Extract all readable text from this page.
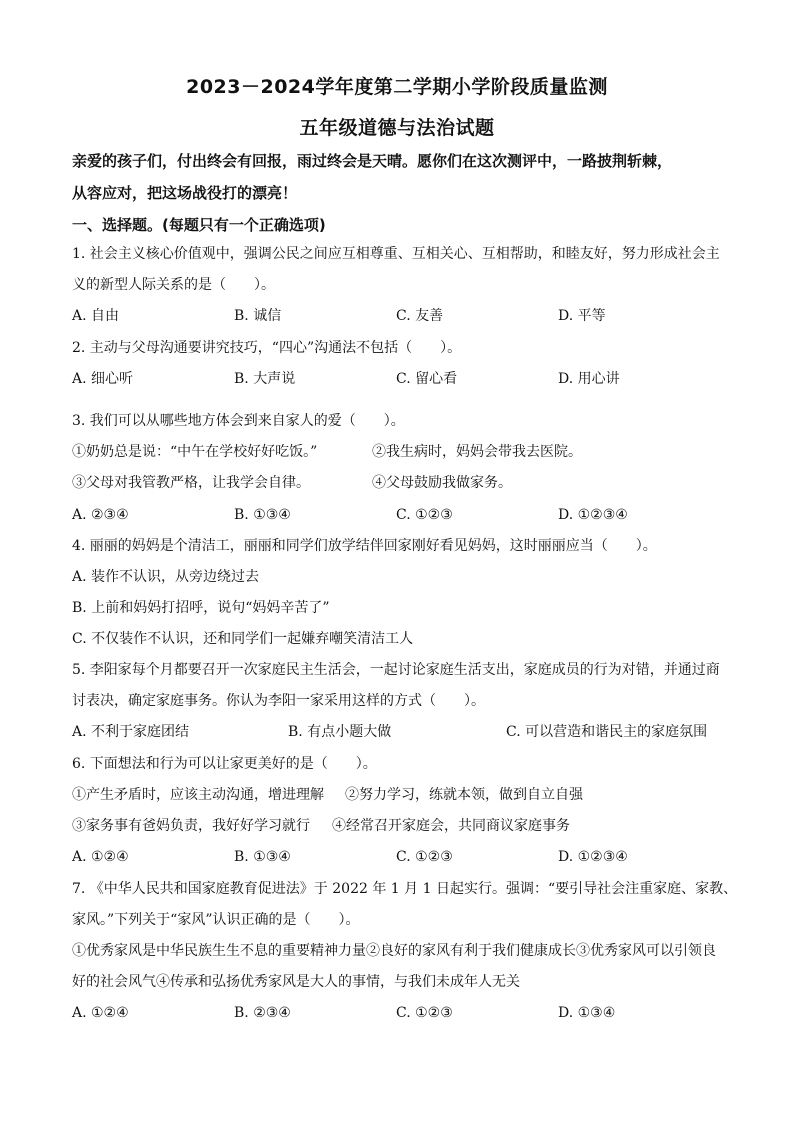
2023－2024学年度第二学期小学阶段质量监测
五年级道德与法治试题
亲爱的孩子们，付出终会有回报，雨过终会是天晴。愿你们在这次测评中，一路披荆斩棘，
从容应对，把这场战役打的漂亮！
一、选择题。(每题只有一个正确选项)
1. 社会主义核心价值观中，强调公民之间应互相尊重、互相关心、互相帮助，和睦友好，努力形成社会主
义的新型人际关系的是（　　）。
A. 自由	B. 诚信	C. 友善	D. 平等
2. 主动与父母沟通要讲究技巧，“四心”沟通法不包括（　　）。
A. 细心听	B. 大声说	C. 留心看	D. 用心讲
3. 我们可以从哪些地方体会到来自家人的爱（　　）。
①奶奶总是说：“中午在学校好好吃饭。”	②我生病时，妈妈会带我去医院。
③父母对我管教严格，让我学会自律。	④父母鼓励我做家务。
A. ②③④	B. ①③④	C. ①②③	D. ①②③④
4. 丽丽的妈妈是个清洁工，丽丽和同学们放学结伴回家刚好看见妈妈，这时丽丽应当（　　）。
A. 装作不认识，从旁边绕过去
B. 上前和妈妈打招呼，说句“妈妈辛苦了”
C. 不仅装作不认识，还和同学们一起嫌弃嘲笑清洁工人
5. 李阳家每个月都要召开一次家庭民主生活会，一起讨论家庭生活支出，家庭成员的行为对错，并通过商
讨表决，确定家庭事务。你认为李阳一家采用这样的方式（　　）。
A. 不利于家庭团结	B. 有点小题大做	C. 可以营造和谐民主的家庭氛围
6. 下面想法和行为可以让家更美好的是（　　）。
①产生矛盾时，应该主动沟通，增进理解 ②努力学习，练就本领，做到自立自强
③家务事有爸妈负责，我好好学习就行 ④经常召开家庭会，共同商议家庭事务
A. ①②④	B. ①③④	C. ①②③	D. ①②③④
7. 《中华人民共和国家庭教育促进法》于 2022 年 1 月 1 日起实行。强调：“要引导社会注重家庭、家教、
家风。”下列关于“家风”认识正确的是（　　）。
①优秀家风是中华民族生生不息的重要精神力量②良好的家风有利于我们健康成长③优秀家风可以引领良
好的社会风气④传承和弘扬优秀家风是大人的事情，与我们未成年人无关
A. ①②④	B. ②③④	C. ①②③	D. ①③④
